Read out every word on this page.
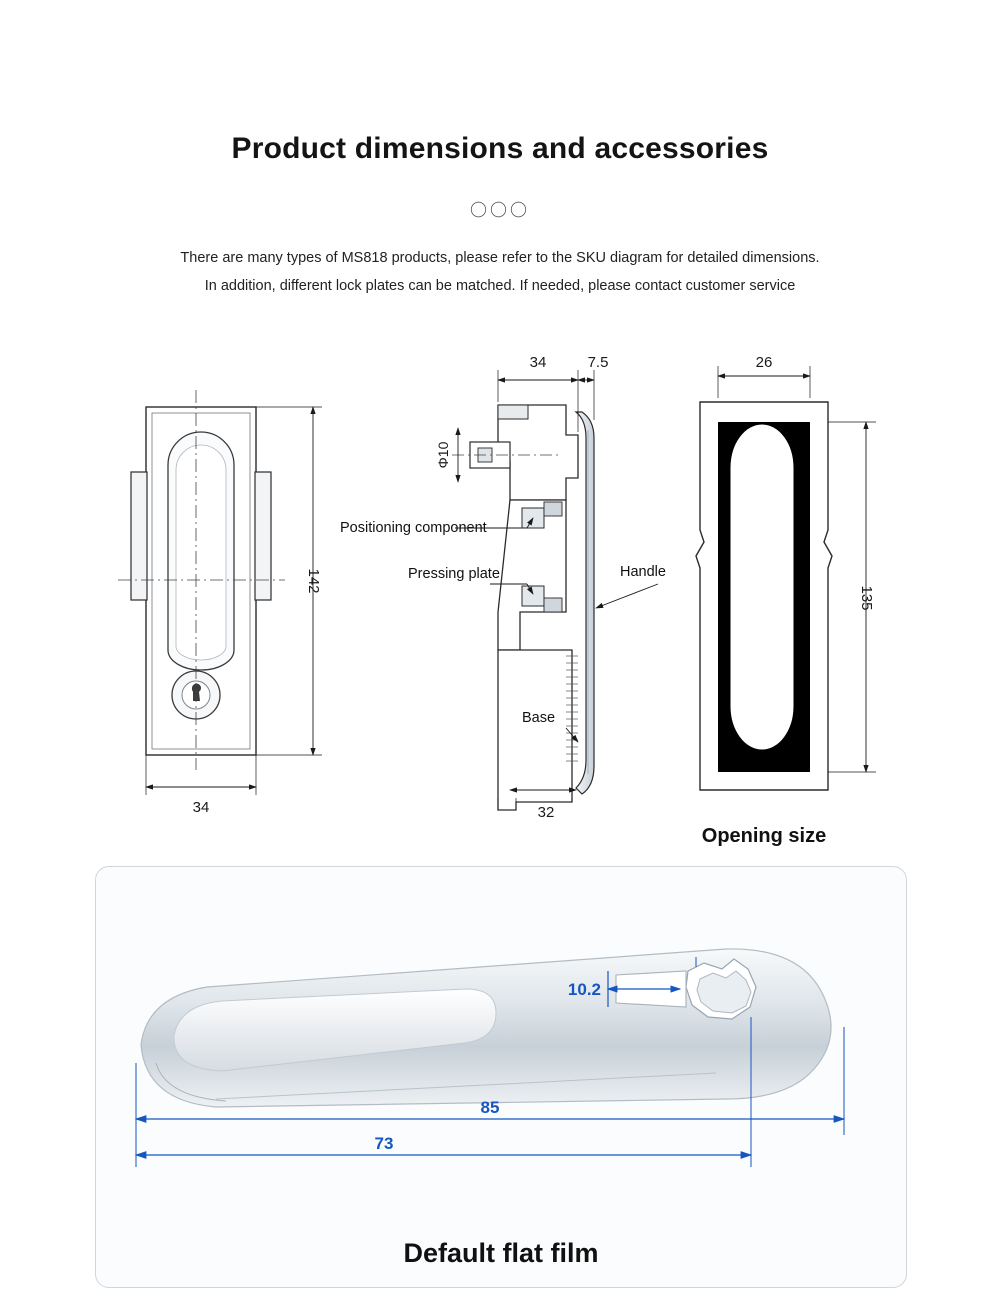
Product dimensions and accessories
〇〇〇
There are many types of MS818 products, please refer to the SKU diagram for detailed dimensions.
In addition, different lock plates can be matched. If needed, please contact customer service
142
34
Φ10
34	7.5
32
Positioning component
Pressing plate	Handle
Base
26
135
Opening size
10.2
85
73
Default flat film
